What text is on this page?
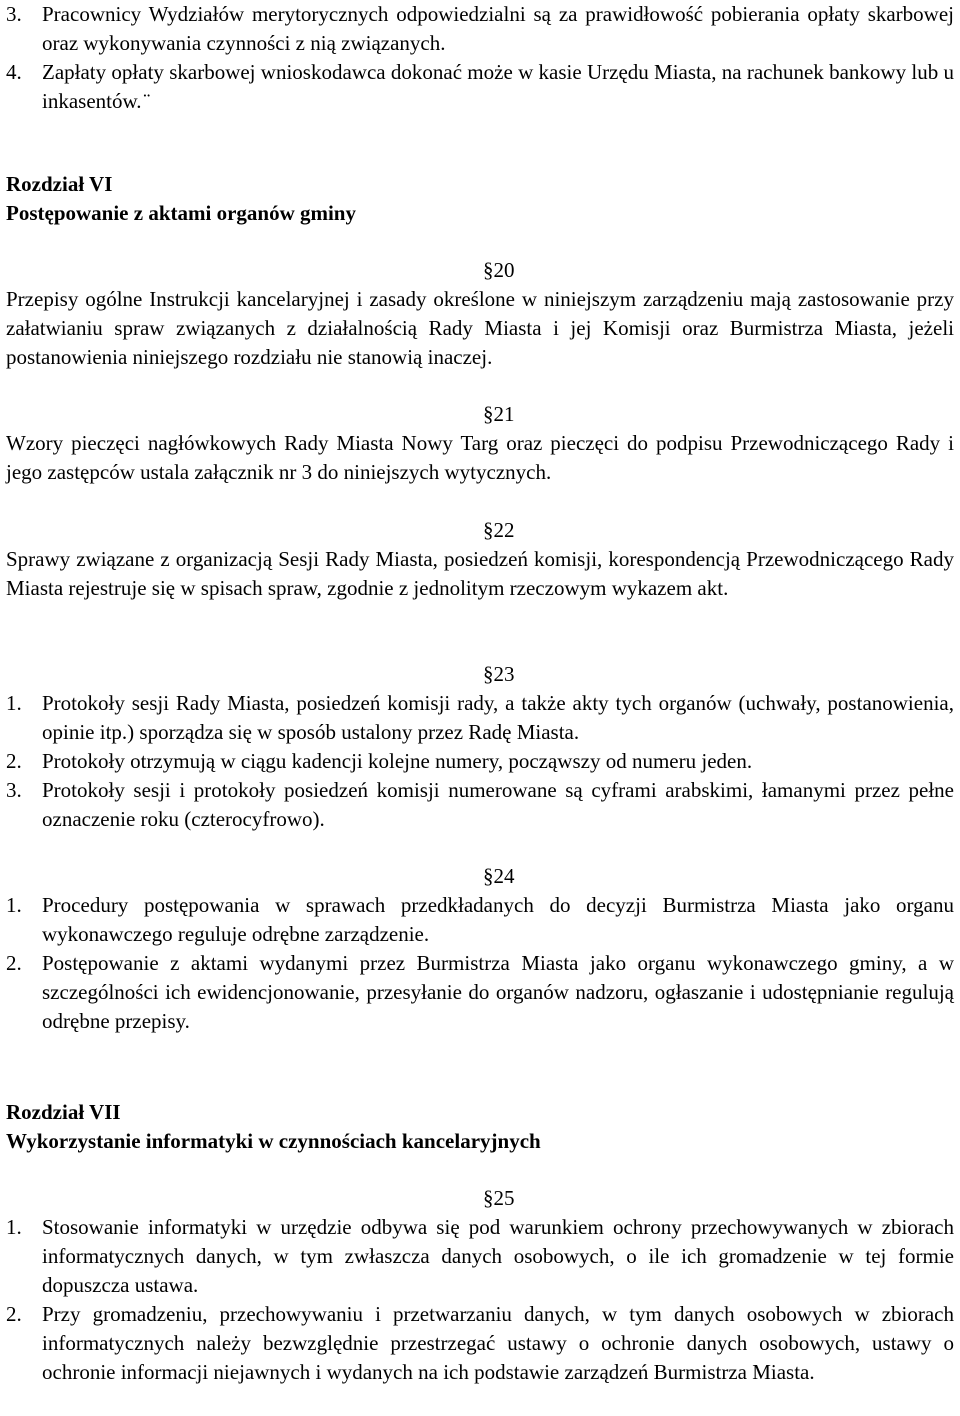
3. Pracownicy Wydziałów merytorycznych odpowiedzialni są za prawidłowość pobierania opłaty skarbowej oraz wykonywania czynności z nią związanych.
4. Zapłaty opłaty skarbowej wnioskodawca dokonać może w kasie Urzędu Miasta, na rachunek bankowy lub u inkasentów. ̈
Rozdział VI
Postępowanie z aktami organów gminy
§20

Przepisy ogólne Instrukcji kancelaryjnej i zasady określone w niniejszym zarządzeniu mają zastosowanie przy załatwianiu spraw związanych z działalnością Rady Miasta i jej Komisji oraz Burmistrza Miasta, jeżeli postanowienia niniejszego rozdziału nie stanowią inaczej.

§21

Wzory pieczęci nagłówkowych Rady Miasta Nowy Targ oraz pieczęci do podpisu Przewodniczącego Rady i jego zastępców ustala załącznik nr 3 do niniejszych wytycznych.

§22

Sprawy związane z organizacją Sesji Rady Miasta, posiedzeń komisji, korespondencją Przewodniczącego Rady Miasta rejestruje się w spisach spraw, zgodnie z jednolitym rzeczowym wykazem akt.

§23
1. Protokoły sesji Rady Miasta, posiedzeń komisji rady, a także akty tych organów (uchwały, postanowienia, opinie itp.) sporządza się w sposób ustalony przez Radę Miasta.
2. Protokoły otrzymują w ciągu kadencji kolejne numery, począwszy od numeru jeden.
3. Protokoły sesji i protokoły posiedzeń komisji numerowane są cyframi arabskimi, łamanymi przez pełne oznaczenie roku (czterocyfrowo).
§24
1. Procedury postępowania w sprawach przedkładanych do decyzji Burmistrza Miasta jako organu wykonawczego reguluje odrębne zarządzenie.
2. Postępowanie z aktami wydanymi przez Burmistrza Miasta jako organu wykonawczego gminy, a w szczególności ich ewidencjonowanie, przesyłanie do organów nadzoru, ogłaszanie i udostępnianie regulują odrębne przepisy.
Rozdział VII
Wykorzystanie informatyki w czynnościach kancelaryjnych
§25
1. Stosowanie informatyki w urzędzie odbywa się pod warunkiem ochrony przechowywanych w zbiorach informatycznych danych, w tym zwłaszcza danych osobowych, o ile ich gromadzenie w tej formie dopuszcza ustawa.
2. Przy gromadzeniu, przechowywaniu i przetwarzaniu danych, w tym danych osobowych w zbiorach informatycznych należy bezwzględnie przestrzegać ustawy o ochronie danych osobowych, ustawy o ochronie informacji niejawnych i wydanych na ich podstawie zarządzeń Burmistrza Miasta.
